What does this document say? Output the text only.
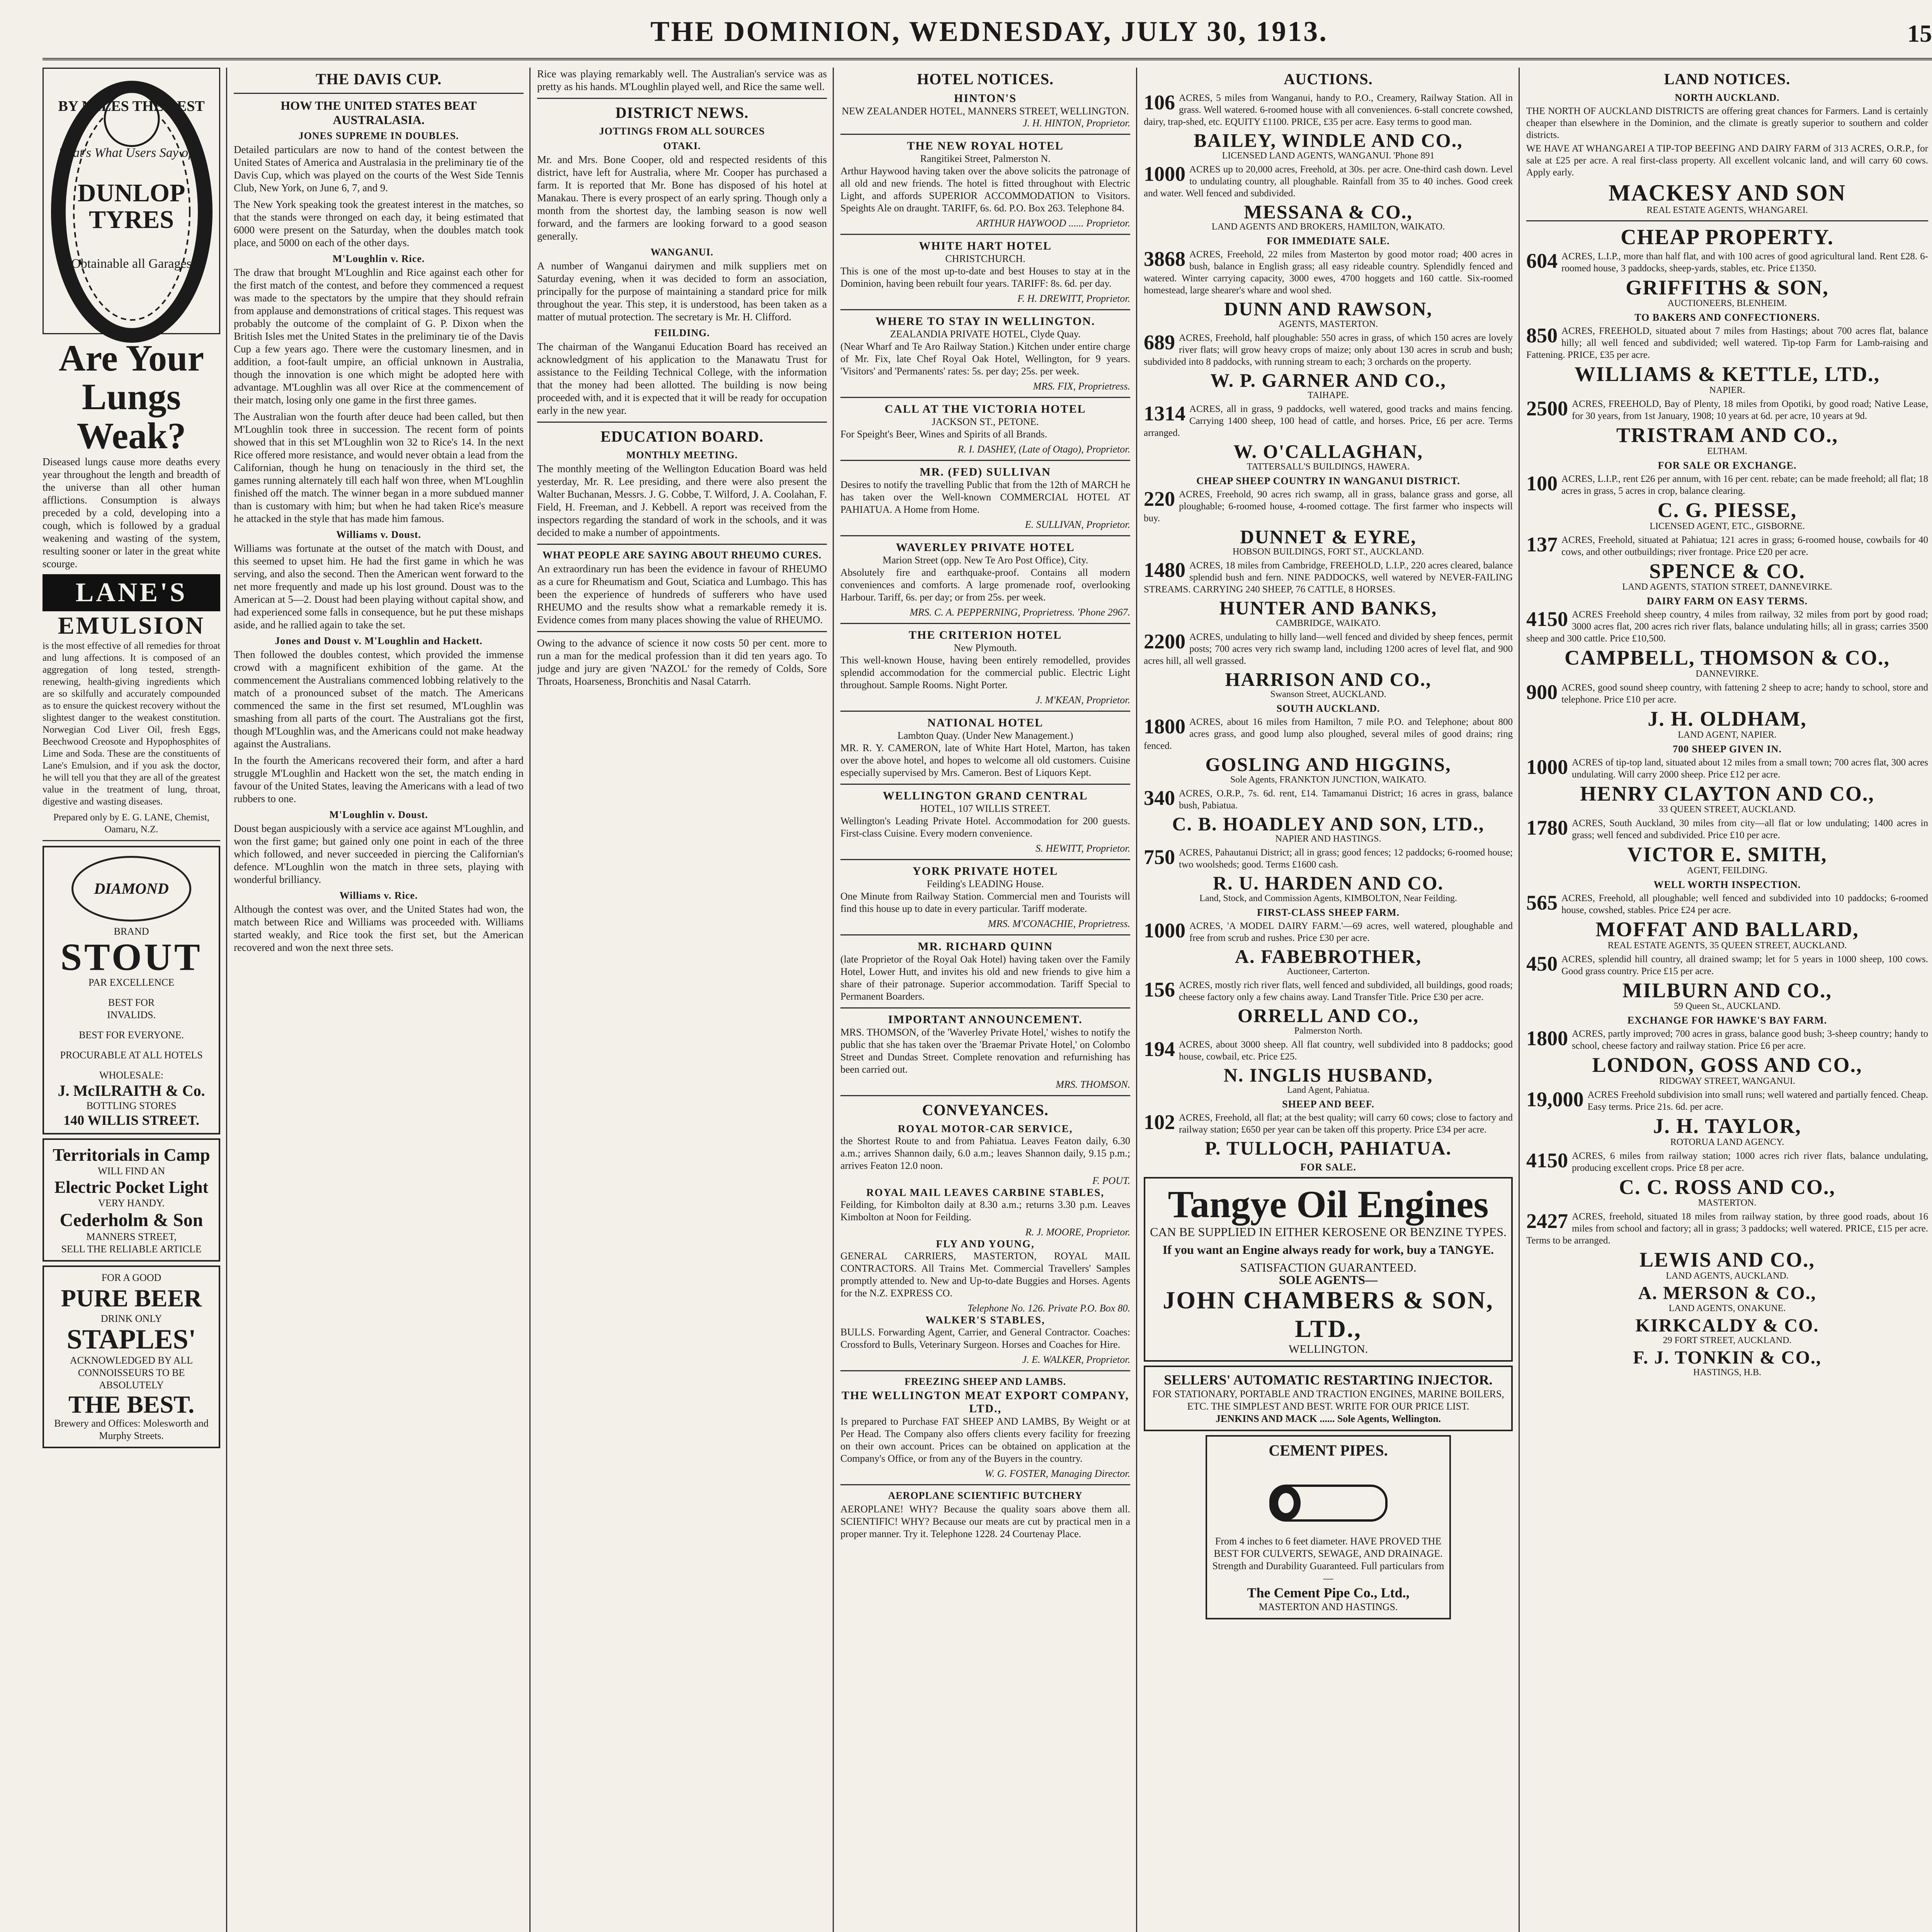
THE DOMINION, WEDNESDAY, JULY 30, 1913.	15
BY MILES THE BEST
That's What Users Say of—
DUNLOP TYRES
Obtainable all Garages
Are Your Lungs Weak?
Diseased lungs cause more deaths every year throughout the length and breadth of the universe than all other human afflictions. Consumption is always preceded by a cold, developing into a cough, which is followed by a gradual weakening and wasting of the system, resulting sooner or later in the great white scourge.
LANE'S
EMULSION
is the most effective of all remedies for throat and lung affections. It is composed of an aggregation of long tested, strength-renewing, health-giving ingredients which are so skilfully and accurately compounded as to ensure the quickest recovery without the slightest danger to the weakest constitution. Norwegian Cod Liver Oil, fresh Eggs, Beechwood Creosote and Hypophosphites of Lime and Soda. These are the constituents of Lane's Emulsion, and if you ask the doctor, he will tell you that they are all of the greatest value in the treatment of lung, throat, digestive and wasting diseases.
Prepared only by E. G. LANE, Chemist, Oamaru, N.Z.
DIAMOND
BRAND
STOUT
PAR EXCELLENCE
BEST FOR
INVALIDS.
BEST FOR EVERYONE.
PROCURABLE AT ALL HOTELS
WHOLESALE:
J. McILRAITH & Co.
BOTTLING STORES
140 WILLIS STREET.
Territorials in Camp
WILL FIND AN
Electric Pocket Light
VERY HANDY.
Cederholm & Son
MANNERS STREET,
SELL THE RELIABLE ARTICLE
FOR A GOOD
PURE BEER
DRINK ONLY
STAPLES'
ACKNOWLEDGED BY ALL CONNOISSEURS TO BE ABSOLUTELY
THE BEST.
Brewery and Offices: Molesworth and Murphy Streets.
THE DAVIS CUP.
HOW THE UNITED STATES BEAT AUSTRALASIA.
JONES SUPREME IN DOUBLES.

Detailed particulars are now to hand of the contest between the United States of America and Australasia in the preliminary tie of the Davis Cup, which was played on the courts of the West Side Tennis Club, New York, on June 6, 7, and 9.

The New York speaking took the greatest interest in the matches, so that the stands were thronged on each day, it being estimated that 6000 were present on the Saturday, when the doubles match took place, and 5000 on each of the other days.

M'Loughlin v. Rice.

The draw that brought M'Loughlin and Rice against each other for the first match of the contest, and before they commenced a request was made to the spectators by the umpire that they should refrain from applause and demonstrations of critical stages. This request was probably the outcome of the complaint of G. P. Dixon when the British Isles met the United States in the preliminary tie of the Davis Cup a few years ago. There were the customary linesmen, and in addition, a foot-fault umpire, an official unknown in Australia, though the innovation is one which might be adopted here with advantage. M'Loughlin was all over Rice at the commencement of their match, losing only one game in the first three games.

The Australian won the fourth after deuce had been called, but then M'Loughlin took three in succession. The recent form of points showed that in this set M'Loughlin won 32 to Rice's 14. In the next Rice offered more resistance, and would never obtain a lead from the Californian, though he hung on tenaciously in the third set, the games running alternately till each half won three, when M'Loughlin finished off the match. The winner began in a more subdued manner than is customary with him; but when he had taken Rice's measure he attacked in the style that has made him famous.

Williams v. Doust.

Williams was fortunate at the outset of the match with Doust, and this seemed to upset him. He had the first game in which he was serving, and also the second. Then the American went forward to the net more frequently and made up his lost ground. Doust was to the American at 5—2. Doust had been playing without capital show, and had experienced some falls in consequence, but he put these mishaps aside, and he rallied again to take the set.

Jones and Doust v. M'Loughlin and Hackett.

Then followed the doubles contest, which provided the immense crowd with a magnificent exhibition of the game. At the commencement the Australians commenced lobbing relatively to the match of a pronounced subset of the match. The Americans commenced the same in the first set resumed, M'Loughlin was smashing from all parts of the court. The Australians got the first, though M'Loughlin was, and the Americans could not make headway against the Australians.

In the fourth the Americans recovered their form, and after a hard struggle M'Loughlin and Hackett won the set, the match ending in favour of the United States, leaving the Americans with a lead of two rubbers to one.

M'Loughlin v. Doust.

Doust began auspiciously with a service ace against M'Loughlin, and won the first game; but gained only one point in each of the three which followed, and never succeeded in piercing the Californian's defence. M'Loughlin won the match in three sets, playing with wonderful brilliancy.

Williams v. Rice.

Although the contest was over, and the United States had won, the match between Rice and Williams was proceeded with. Williams started weakly, and Rice took the first set, but the American recovered and won the next three sets.

Rice was playing remarkably well. The Australian's service was as pretty as his hands. M'Loughlin played well, and Rice the same well.

DISTRICT NEWS.
JOTTINGS FROM ALL SOURCES
OTAKI.

Mr. and Mrs. Bone Cooper, old and respected residents of this district, have left for Australia, where Mr. Cooper has purchased a farm. It is reported that Mr. Bone has disposed of his hotel at Manakau. There is every prospect of an early spring. Though only a month from the shortest day, the lambing season is now well forward, and the farmers are looking forward to a good season generally.

WANGANUI.

A number of Wanganui dairymen and milk suppliers met on Saturday evening, when it was decided to form an association, principally for the purpose of maintaining a standard price for milk throughout the year. This step, it is understood, has been taken as a matter of mutual protection. The secretary is Mr. H. Clifford.

FEILDING.

The chairman of the Wanganui Education Board has received an acknowledgment of his application to the Manawatu Trust for assistance to the Feilding Technical College, with the information that the money had been allotted. The building is now being proceeded with, and it is expected that it will be ready for occupation early in the new year.

EDUCATION BOARD.
MONTHLY MEETING.

The monthly meeting of the Wellington Education Board was held yesterday, Mr. R. Lee presiding, and there were also present the Walter Buchanan, Messrs. J. G. Cobbe, T. Wilford, J. A. Coolahan, F. Field, H. Freeman, and J. Kebbell. A report was received from the inspectors regarding the standard of work in the schools, and it was decided to make a number of appointments.

WHAT PEOPLE ARE SAYING ABOUT RHEUMO CURES.

An extraordinary run has been the evidence in favour of RHEUMO as a cure for Rheumatism and Gout, Sciatica and Lumbago. This has been the experience of hundreds of sufferers who have used RHEUMO and the results show what a remarkable remedy it is. Evidence comes from many places showing the value of RHEUMO.

Owing to the advance of science it now costs 50 per cent. more to run a man for the medical profession than it did ten years ago. To judge and jury are given 'NAZOL' for the remedy of Colds, Sore Throats, Hoarseness, Bronchitis and Nasal Catarrh.

HOTEL NOTICES.
HINTON'S
NEW ZEALANDER HOTEL, MANNERS STREET, WELLINGTON.
J. H. HINTON, Proprietor.
THE NEW ROYAL HOTEL
Rangitikei Street, Palmerston N.

Arthur Haywood having taken over the above solicits the patronage of all old and new friends. The hotel is fitted throughout with Electric Light, and affords SUPERIOR ACCOMMODATION to Visitors. Speights Ale on draught. TARIFF, 6s. 6d. P.O. Box 263. Telephone 84.

ARTHUR HAYWOOD ...... Proprietor.
WHITE HART HOTEL
CHRISTCHURCH.

This is one of the most up-to-date and best Houses to stay at in the Dominion, having been rebuilt four years. TARIFF: 8s. 6d. per day.

F. H. DREWITT, Proprietor.
WHERE TO STAY IN WELLINGTON.
ZEALANDIA PRIVATE HOTEL, Clyde Quay.

(Near Wharf and Te Aro Railway Station.) Kitchen under entire charge of Mr. Fix, late Chef Royal Oak Hotel, Wellington, for 9 years. 'Visitors' and 'Permanents' rates: 5s. per day; 25s. per week.

MRS. FIX, Proprietress.
CALL AT THE VICTORIA HOTEL
JACKSON ST., PETONE.

For Speight's Beer, Wines and Spirits of all Brands.

R. I. DASHEY, (Late of Otago), Proprietor.
MR. (FED) SULLIVAN

Desires to notify the travelling Public that from the 12th of MARCH he has taken over the Well-known COMMERCIAL HOTEL AT PAHIATUA. A Home from Home.

E. SULLIVAN, Proprietor.
WAVERLEY PRIVATE HOTEL
Marion Street (opp. New Te Aro Post Office), City.

Absolutely fire and earthquake-proof. Contains all modern conveniences and comforts. A large promenade roof, overlooking Harbour. Tariff, 6s. per day; or from 25s. per week.

MRS. C. A. PEPPERNING, Proprietress. 'Phone 2967.
THE CRITERION HOTEL
New Plymouth.

This well-known House, having been entirely remodelled, provides splendid accommodation for the commercial public. Electric Light throughout. Sample Rooms. Night Porter.

J. M'KEAN, Proprietor.
NATIONAL HOTEL
Lambton Quay. (Under New Management.)

MR. R. Y. CAMERON, late of White Hart Hotel, Marton, has taken over the above hotel, and hopes to welcome all old customers. Cuisine especially supervised by Mrs. Cameron. Best of Liquors Kept.

WELLINGTON GRAND CENTRAL
HOTEL, 107 WILLIS STREET.

Wellington's Leading Private Hotel. Accommodation for 200 guests. First-class Cuisine. Every modern convenience.

S. HEWITT, Proprietor.
YORK PRIVATE HOTEL
Feilding's LEADING House.

One Minute from Railway Station. Commercial men and Tourists will find this house up to date in every particular. Tariff moderate.

MRS. M'CONACHIE, Proprietress.
MR. RICHARD QUINN

(late Proprietor of the Royal Oak Hotel) having taken over the Family Hotel, Lower Hutt, and invites his old and new friends to give him a share of their patronage. Superior accommodation. Tariff Special to Permanent Boarders.

IMPORTANT ANNOUNCEMENT.

MRS. THOMSON, of the 'Waverley Private Hotel,' wishes to notify the public that she has taken over the 'Braemar Private Hotel,' on Colombo Street and Dundas Street. Complete renovation and refurnishing has been carried out.

MRS. THOMSON.
CONVEYANCES.
ROYAL MOTOR-CAR SERVICE,

the Shortest Route to and from Pahiatua. Leaves Featon daily, 6.30 a.m.; arrives Shannon daily, 6.0 a.m.; leaves Shannon daily, 9.15 p.m.; arrives Featon 12.0 noon.

F. POUT.
ROYAL MAIL LEAVES CARBINE STABLES,

Feilding, for Kimbolton daily at 8.30 a.m.; returns 3.30 p.m. Leaves Kimbolton at Noon for Feilding.

R. J. MOORE, Proprietor.
FLY AND YOUNG,

GENERAL CARRIERS, MASTERTON, ROYAL MAIL CONTRACTORS. All Trains Met. Commercial Travellers' Samples promptly attended to. New and Up-to-date Buggies and Horses. Agents for the N.Z. EXPRESS CO.

Telephone No. 126. Private P.O. Box 80.
WALKER'S STABLES,

BULLS. Forwarding Agent, Carrier, and General Contractor. Coaches: Crossford to Bulls, Veterinary Surgeon. Horses and Coaches for Hire.

J. E. WALKER, Proprietor.
FREEZING SHEEP AND LAMBS.
THE WELLINGTON MEAT EXPORT COMPANY, LTD.,

Is prepared to Purchase FAT SHEEP AND LAMBS, By Weight or at Per Head. The Company also offers clients every facility for freezing on their own account. Prices can be obtained on application at the Company's Office, or from any of the Buyers in the country.

W. G. FOSTER, Managing Director.
AEROPLANE SCIENTIFIC BUTCHERY

AEROPLANE! WHY? Because the quality soars above them all. SCIENTIFIC! WHY? Because our meats are cut by practical men in a proper manner. Try it. Telephone 1228. 24 Courtenay Place.

AUCTIONS.

106 ACRES, 5 miles from Wanganui, handy to P.O., Creamery, Railway Station. All in grass. Well watered. 6-roomed house with all conveniences. 6-stall concrete cowshed, dairy, trap-shed, etc. EQUITY £1100. PRICE, £35 per acre. Easy terms to good man.

BAILEY, WINDLE AND CO.,
LICENSED LAND AGENTS, WANGANUI. 'Phone 891

1000 ACRES up to 20,000 acres, Freehold, at 30s. per acre. One-third cash down. Level to undulating country, all ploughable. Rainfall from 35 to 40 inches. Good creek and water. Well fenced and subdivided.

MESSANA & CO.,
LAND AGENTS AND BROKERS, HAMILTON, WAIKATO.
FOR IMMEDIATE SALE.

3868 ACRES, Freehold, 22 miles from Masterton by good motor road; 400 acres in bush, balance in English grass; all easy rideable country. Splendidly fenced and watered. Winter carrying capacity, 3000 ewes, 4700 hoggets and 160 cattle. Six-roomed homestead, large shearer's whare and wool shed.

DUNN AND RAWSON,
AGENTS, MASTERTON.

689 ACRES, Freehold, half ploughable: 550 acres in grass, of which 150 acres are lovely river flats; will grow heavy crops of maize; only about 130 acres in scrub and bush; subdivided into 8 paddocks, with running stream to each; 3 orchards on the property.

W. P. GARNER AND CO.,
TAIHAPE.

1314 ACRES, all in grass, 9 paddocks, well watered, good tracks and mains fencing. Carrying 1400 sheep, 100 head of cattle, and horses. Price, £6 per acre. Terms arranged.

W. O'CALLAGHAN,
TATTERSALL'S BUILDINGS, HAWERA.
CHEAP SHEEP COUNTRY IN WANGANUI DISTRICT.

220 ACRES, Freehold, 90 acres rich swamp, all in grass, balance grass and gorse, all ploughable; 6-roomed house, 4-roomed cottage. The first farmer who inspects will buy.

DUNNET & EYRE,
HOBSON BUILDINGS, FORT ST., AUCKLAND.

1480 ACRES, 18 miles from Cambridge, FREEHOLD, L.I.P., 220 acres cleared, balance splendid bush and fern. NINE PADDOCKS, well watered by NEVER-FAILING STREAMS. CARRYING 240 SHEEP, 76 CATTLE, 8 HORSES.

HUNTER AND BANKS,
CAMBRIDGE, WAIKATO.

2200 ACRES, undulating to hilly land—well fenced and divided by sheep fences, permit posts; 700 acres very rich swamp land, including 1200 acres of level flat, and 900 acres hill, all well grassed.

HARRISON AND CO.,
Swanson Street, AUCKLAND.
SOUTH AUCKLAND.

1800 ACRES, about 16 miles from Hamilton, 7 mile P.O. and Telephone; about 800 acres grass, and good lump also ploughed, several miles of good drains; ring fenced.

GOSLING AND HIGGINS,
Sole Agents, FRANKTON JUNCTION, WAIKATO.

340 ACRES, O.R.P., 7s. 6d. rent, £14. Tamamanui District; 16 acres in grass, balance bush, Pabiatua.

C. B. HOADLEY AND SON, LTD.,
NAPIER AND HASTINGS.

750 ACRES, Pahautanui District; all in grass; good fences; 12 paddocks; 6-roomed house; two woolsheds; good. Terms £1600 cash.

R. U. HARDEN AND CO.
Land, Stock, and Commission Agents, KIMBOLTON, Near Feilding.
FIRST-CLASS SHEEP FARM.

1000 ACRES, 'A MODEL DAIRY FARM.'—69 acres, well watered, ploughable and free from scrub and rushes. Price £30 per acre.

A. FABEBROTHER,
Auctioneer, Carterton.

156 ACRES, mostly rich river flats, well fenced and subdivided, all buildings, good roads; cheese factory only a few chains away. Land Transfer Title. Price £30 per acre.

ORRELL AND CO.,
Palmerston North.

194 ACRES, about 3000 sheep. All flat country, well subdivided into 8 paddocks; good house, cowbail, etc. Price £25.

N. INGLIS HUSBAND,
Land Agent, Pahiatua.
SHEEP AND BEEF.

102 ACRES, Freehold, all flat; at the best quality; will carry 60 cows; close to factory and railway station; £650 per year can be taken off this property. Price £34 per acre.

P. TULLOCH, PAHIATUA.
FOR SALE.
Tangye Oil Engines
CAN BE SUPPLIED IN EITHER KEROSENE OR BENZINE TYPES.
If you want an Engine always ready for work, buy a TANGYE.
SATISFACTION GUARANTEED.
SOLE AGENTS—
JOHN CHAMBERS & SON, LTD.,
WELLINGTON.
SELLERS' AUTOMATIC RESTARTING INJECTOR.
FOR STATIONARY, PORTABLE AND TRACTION ENGINES, MARINE BOILERS, ETC. THE SIMPLEST AND BEST. WRITE FOR OUR PRICE LIST.
JENKINS AND MACK ...... Sole Agents, Wellington.
CEMENT PIPES.
From 4 inches to 6 feet diameter. HAVE PROVED THE BEST FOR CULVERTS, SEWAGE, AND DRAINAGE. Strength and Durability Guaranteed. Full particulars from—
The Cement Pipe Co., Ltd.,
MASTERTON AND HASTINGS.
LAND NOTICES.
NORTH AUCKLAND.

THE NORTH OF AUCKLAND DISTRICTS are offering great chances for Farmers. Land is certainly cheaper than elsewhere in the Dominion, and the climate is greatly superior to southern and colder districts.

WE HAVE AT WHANGAREI A TIP-TOP BEEFING AND DAIRY FARM of 313 ACRES, O.R.P., for sale at £25 per acre. A real first-class property. All excellent volcanic land, and will carry 60 cows. Apply early.

MACKESY AND SON
REAL ESTATE AGENTS, WHANGAREI.
CHEAP PROPERTY.

604 ACRES, L.I.P., more than half flat, and with 100 acres of good agricultural land. Rent £28. 6-roomed house, 3 paddocks, sheep-yards, stables, etc. Price £1350.

GRIFFITHS & SON,
AUCTIONEERS, BLENHEIM.
TO BAKERS AND CONFECTIONERS.

850 ACRES, FREEHOLD, situated about 7 miles from Hastings; about 700 acres flat, balance hilly; all well fenced and subdivided; well watered. Tip-top Farm for Lamb-raising and Fattening. PRICE, £35 per acre.

WILLIAMS & KETTLE, LTD.,
NAPIER.

2500 ACRES, FREEHOLD, Bay of Plenty, 18 miles from Opotiki, by good road; Native Lease, for 30 years, from 1st January, 1908; 10 years at 6d. per acre, 10 years at 9d.

TRISTRAM AND CO.,
ELTHAM.
FOR SALE OR EXCHANGE.

100 ACRES, L.I.P., rent £26 per annum, with 16 per cent. rebate; can be made freehold; all flat; 18 acres in grass, 5 acres in crop, balance clearing.

C. G. PIESSE,
LICENSED AGENT, ETC., GISBORNE.

137 ACRES, Freehold, situated at Pahiatua; 121 acres in grass; 6-roomed house, cowbails for 40 cows, and other outbuildings; river frontage. Price £20 per acre.

SPENCE & CO.
LAND AGENTS, STATION STREET, DANNEVIRKE.
DAIRY FARM ON EASY TERMS.

4150 ACRES Freehold sheep country, 4 miles from railway, 32 miles from port by good road; 3000 acres flat, 200 acres rich river flats, balance undulating hills; all in grass; carries 3500 sheep and 300 cattle. Price £10,500.

CAMPBELL, THOMSON & CO.,
DANNEVIRKE.

900 ACRES, good sound sheep country, with fattening 2 sheep to acre; handy to school, store and telephone. Price £10 per acre.

J. H. OLDHAM,
LAND AGENT, NAPIER.
700 SHEEP GIVEN IN.

1000 ACRES of tip-top land, situated about 12 miles from a small town; 700 acres flat, 300 acres undulating. Will carry 2000 sheep. Price £12 per acre.

HENRY CLAYTON AND CO.,
33 QUEEN STREET, AUCKLAND.

1780 ACRES, South Auckland, 30 miles from city—all flat or low undulating; 1400 acres in grass; well fenced and subdivided. Price £10 per acre.

VICTOR E. SMITH,
AGENT, FEILDING.
WELL WORTH INSPECTION.

565 ACRES, Freehold, all ploughable; well fenced and subdivided into 10 paddocks; 6-roomed house, cowshed, stables. Price £24 per acre.

MOFFAT AND BALLARD,
REAL ESTATE AGENTS, 35 QUEEN STREET, AUCKLAND.

450 ACRES, splendid hill country, all drained swamp; let for 5 years in 1000 sheep, 100 cows. Good grass country. Price £15 per acre.

MILBURN AND CO.,
59 Queen St., AUCKLAND.
EXCHANGE FOR HAWKE'S BAY FARM.

1800 ACRES, partly improved; 700 acres in grass, balance good bush; 3-sheep country; handy to school, cheese factory and railway station. Price £6 per acre.

LONDON, GOSS AND CO.,
RIDGWAY STREET, WANGANUI.

19,000 ACRES Freehold subdivision into small runs; well watered and partially fenced. Cheap. Easy terms. Price 21s. 6d. per acre.

J. H. TAYLOR,
ROTORUA LAND AGENCY.

4150 ACRES, 6 miles from railway station; 1000 acres rich river flats, balance undulating, producing excellent crops. Price £8 per acre.

C. C. ROSS AND CO.,
MASTERTON.

2427 ACRES, freehold, situated 18 miles from railway station, by three good roads, about 16 miles from school and factory; all in grass; 3 paddocks; well watered. PRICE, £15 per acre. Terms to be arranged.

LEWIS AND CO.,
LAND AGENTS, AUCKLAND.
A. MERSON & CO.,
LAND AGENTS, ONAKUNE.
KIRKCALDY & CO.
29 FORT STREET, AUCKLAND.
F. J. TONKIN & CO.,
HASTINGS, H.B.
